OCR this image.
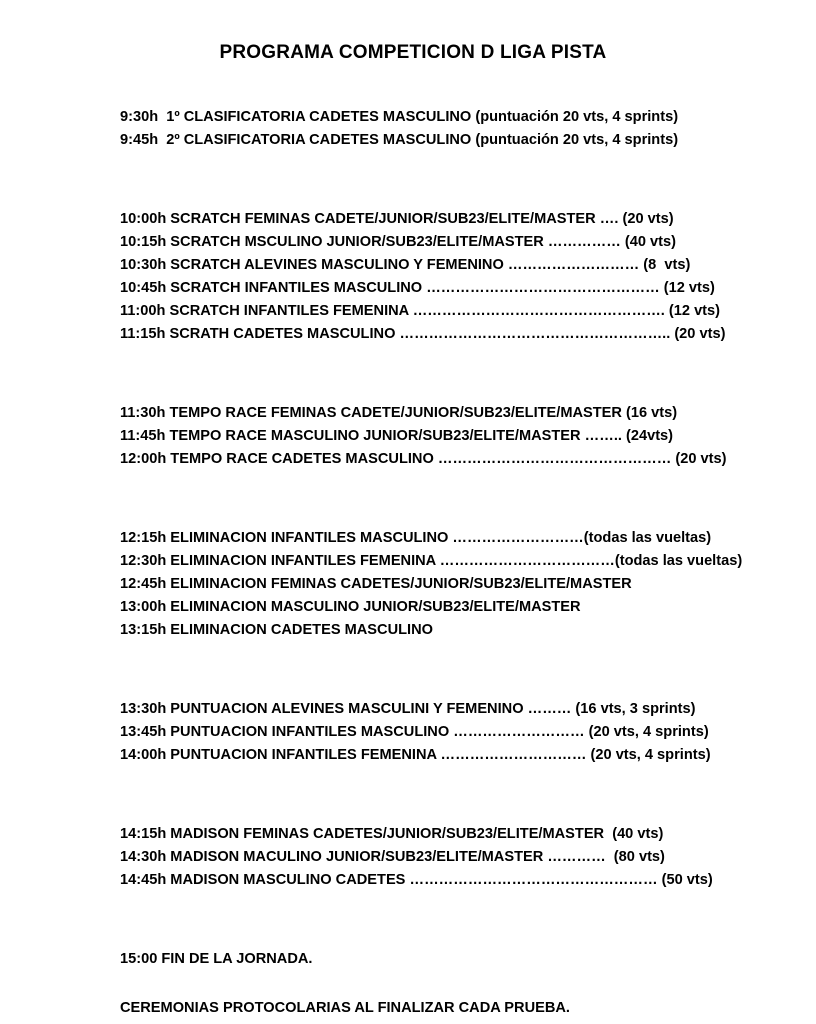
PROGRAMA COMPETICION D LIGA PISTA
9:30h  1º CLASIFICATORIA CADETES MASCULINO (puntuación 20 vts, 4 sprints)
9:45h  2º CLASIFICATORIA CADETES MASCULINO (puntuación 20 vts, 4 sprints)
10:00h SCRATCH FEMINAS CADETE/JUNIOR/SUB23/ELITE/MASTER …. (20 vts)
10:15h SCRATCH MSCULINO JUNIOR/SUB23/ELITE/MASTER …………… (40 vts)
10:30h SCRATCH ALEVINES MASCULINO Y FEMENINO ……………………… (8  vts)
10:45h SCRATCH INFANTILES MASCULINO ………………………………………… (12 vts)
11:00h SCRATCH INFANTILES FEMENINA ……………………………………………. (12 vts)
11:15h SCRATH CADETES MASCULINO ……………………………………………….. (20 vts)
11:30h TEMPO RACE FEMINAS CADETE/JUNIOR/SUB23/ELITE/MASTER (16 vts)
11:45h TEMPO RACE MASCULINO JUNIOR/SUB23/ELITE/MASTER …….. (24vts)
12:00h TEMPO RACE CADETES MASCULINO ………………………………………… (20 vts)
12:15h ELIMINACION INFANTILES MASCULINO ………………………(todas las vueltas)
12:30h ELIMINACION INFANTILES FEMENINA ………………………………(todas las vueltas)
12:45h ELIMINACION FEMINAS CADETES/JUNIOR/SUB23/ELITE/MASTER
13:00h ELIMINACION MASCULINO JUNIOR/SUB23/ELITE/MASTER
13:15h ELIMINACION CADETES MASCULINO
13:30h PUNTUACION ALEVINES MASCULINI Y FEMENINO ……… (16 vts, 3 sprints)
13:45h PUNTUACION INFANTILES MASCULINO ……………………… (20 vts, 4 sprints)
14:00h PUNTUACION INFANTILES FEMENINA ………………………… (20 vts, 4 sprints)
14:15h MADISON FEMINAS CADETES/JUNIOR/SUB23/ELITE/MASTER  (40 vts)
14:30h MADISON MACULINO JUNIOR/SUB23/ELITE/MASTER …………  (80 vts)
14:45h MADISON MASCULINO CADETES …………………………………………… (50 vts)
15:00 FIN DE LA JORNADA.
CEREMONIAS PROTOCOLARIAS AL FINALIZAR CADA PRUEBA.
